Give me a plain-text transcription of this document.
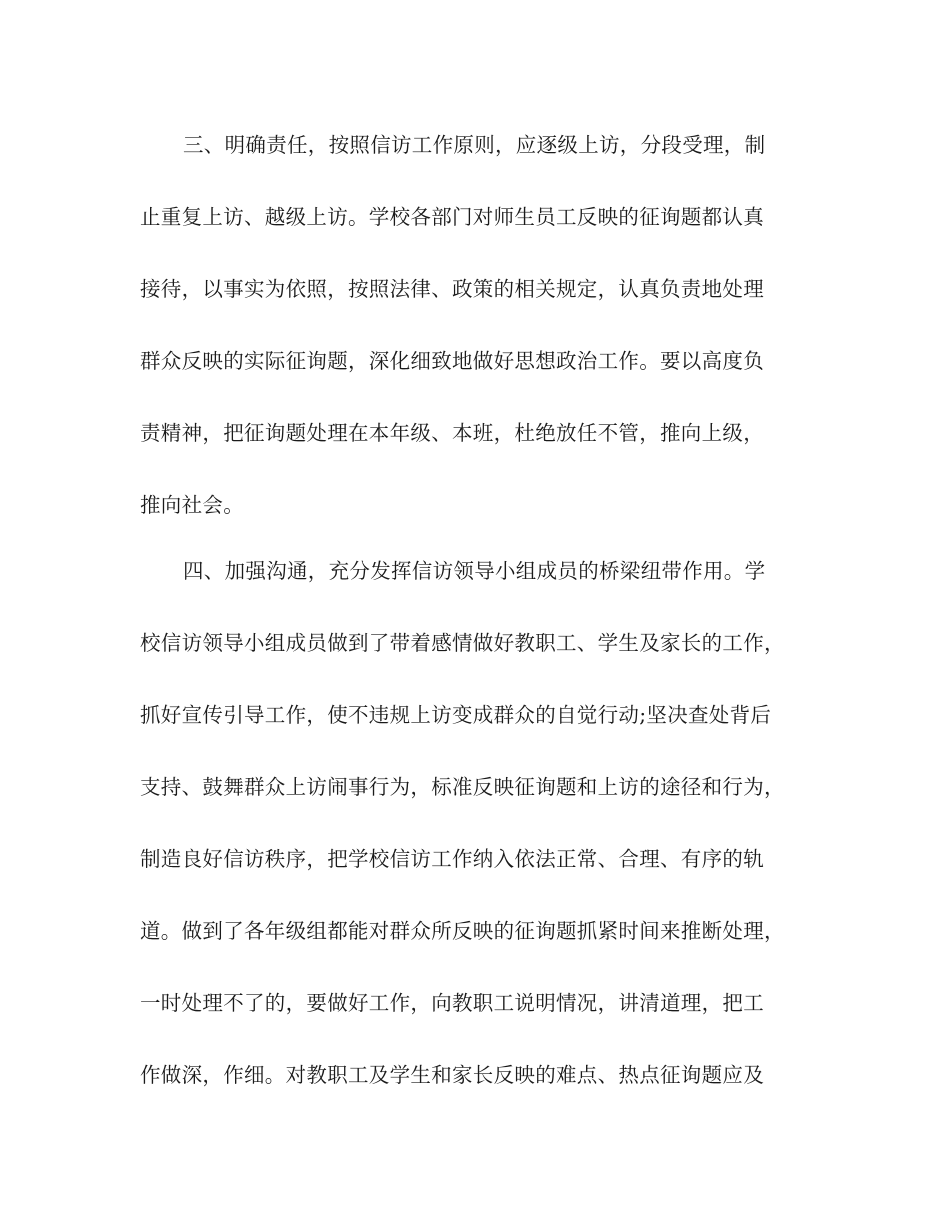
三、明确责任，按照信访工作原则，应逐级上访，分段受理，制
止重复上访、越级上访。学校各部门对师生员工反映的征询题都认真
接待，以事实为依照，按照法律、政策的相关规定，认真负责地处理
群众反映的实际征询题，深化细致地做好思想政治工作。要以高度负
责精神，把征询题处理在本年级、本班，杜绝放任不管，推向上级，
推向社会。
四、加强沟通，充分发挥信访领导小组成员的桥梁纽带作用。学
校信访领导小组成员做到了带着感情做好教职工、学生及家长的工作，
抓好宣传引导工作，使不违规上访变成群众的自觉行动;坚决查处背后
支持、鼓舞群众上访闹事行为，标准反映征询题和上访的途径和行为，
制造良好信访秩序，把学校信访工作纳入依法正常、合理、有序的轨
道。做到了各年级组都能对群众所反映的征询题抓紧时间来推断处理，
一时处理不了的，要做好工作，向教职工说明情况，讲清道理，把工
作做深，作细。对教职工及学生和家长反映的难点、热点征询题应及
